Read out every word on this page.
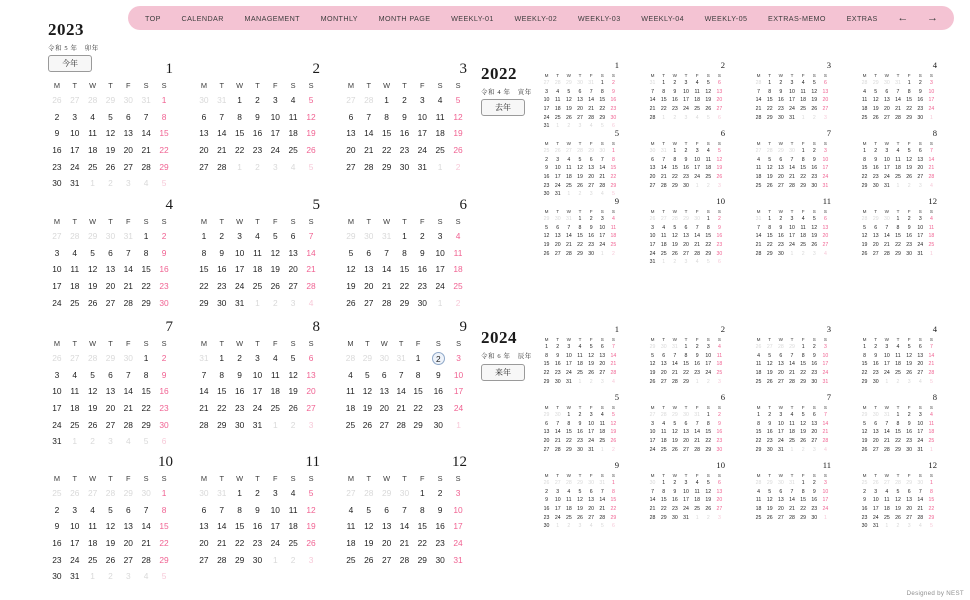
TOP	CALENDAR	MANAGEMENT	MONTHLY	MONTH PAGE	WEEKLY-01	WEEKLY-02	WEEKLY-03	WEEKLY-04	WEEKLY-05	EXTRAS-MEMO	EXTRAS ← →
2023
令和 5 年　卯年
今年
2022
令和 4 年　寅年
去年
2024
令和 6 年　辰年
来年
1
M	T	W	T	F	S	S
26	27	28	29	30	31	1
2	3	4	5	6	7	8
9	10	11	12	13	14	15
16	17	18	19	20	21	22
23	24	25	26	27	28	29
30	31	1	2	3	4	5
2
M	T	W	T	F	S	S
30	31	1	2	3	4	5
6	7	8	9	10	11	12
13	14	15	16	17	18	19
20	21	22	23	24	25	26
27	28	1	2	3	4	5
3
M	T	W	T	F	S	S
27	28	1	2	3	4	5
6	7	8	9	10	11	12
13	14	15	16	17	18	19
20	21	22	23	24	25	26
27	28	29	30	31	1	2
4
M	T	W	T	F	S	S
27	28	29	30	31	1	2
3	4	5	6	7	8	9
10	11	12	13	14	15	16
17	18	19	20	21	22	23
24	25	26	27	28	29	30
5
M	T	W	T	F	S	S
1	2	3	4	5	6	7
8	9	10	11	12	13	14
15	16	17	18	19	20	21
22	23	24	25	26	27	28
29	30	31	1	2	3	4
6
M	T	W	T	F	S	S
29	30	31	1	2	3	4
5	6	7	8	9	10	11
12	13	14	15	16	17	18
19	20	21	22	23	24	25
26	27	28	29	30	1	2
7
M	T	W	T	F	S	S
26	27	28	29	30	1	2
3	4	5	6	7	8	9
10	11	12	13	14	15	16
17	18	19	20	21	22	23
24	25	26	27	28	29	30
31	1	2	3	4	5	6
8
M	T	W	T	F	S	S
31	1	2	3	4	5	6
7	8	9	10	11	12	13
14	15	16	17	18	19	20
21	22	23	24	25	26	27
28	29	30	31	1	2	3
9
M	T	W	T	F	S	S
28	29	30	31	1	2	3
4	5	6	7	8	9	10
11	12	13	14	15	16	17
18	19	20	21	22	23	24
25	26	27	28	29	30	1
10
M	T	W	T	F	S	S
25	26	27	28	29	30	1
2	3	4	5	6	7	8
9	10	11	12	13	14	15
16	17	18	19	20	21	22
23	24	25	26	27	28	29
30	31	1	2	3	4	5
11
M	T	W	T	F	S	S
30	31	1	2	3	4	5
6	7	8	9	10	11	12
13	14	15	16	17	18	19
20	21	22	23	24	25	26
27	28	29	30	1	2	3
12
M	T	W	T	F	S	S
27	28	29	30	1	2	3
4	5	6	7	8	9	10
11	12	13	14	15	16	17
18	19	20	21	22	23	24
25	26	27	28	29	30	31
1
M	T	W	T	F	S	S
27	28	29	30	31	1	2
3	4	5	6	7	8	9
10	11	12	13	14	15	16
17	18	19	20	21	22	23
24	25	26	27	28	29	30
31	1	2	3	4	5	6
2
M	T	W	T	F	S	S
31	1	2	3	4	5	6
7	8	9	10	11	12	13
14	15	16	17	18	19	20
21	22	23	24	25	26	27
28	1	2	3	4	5	6
3
M	T	W	T	F	S	S
28	1	2	3	4	5	6
7	8	9	10	11	12	13
14	15	16	17	18	19	20
21	22	23	24	25	26	27
28	29	30	31	1	2	3
4
M	T	W	T	F	S	S
28	29	30	31	1	2	3
4	5	6	7	8	9	10
11	12	13	14	15	16	17
18	19	20	21	22	23	24
25	26	27	28	29	30	1
5
M	T	W	T	F	S	S
25	26	27	28	29	30	1
2	3	4	5	6	7	8
9	10	11	12	13	14	15
16	17	18	19	20	21	22
23	24	25	26	27	28	29
30	31	1	2	3	4	5
6
M	T	W	T	F	S	S
30	31	1	2	3	4	5
6	7	8	9	10	11	12
13	14	15	16	17	18	19
20	21	22	23	24	25	26
27	28	29	30	1	2	3
7
M	T	W	T	F	S	S
27	28	29	30	1	2	3
4	5	6	7	8	9	10
11	12	13	14	15	16	17
18	19	20	21	22	23	24
25	26	27	28	29	30	31
8
M	T	W	T	F	S	S
1	2	3	4	5	6	7
8	9	10	11	12	13	14
15	16	17	18	19	20	21
22	23	24	25	26	27	28
29	30	31	1	2	3	4
9
M	T	W	T	F	S	S
29	30	31	1	2	3	4
5	6	7	8	9	10	11
12	13	14	15	16	17	18
19	20	21	22	23	24	25
26	27	28	29	30	1	2
10
M	T	W	T	F	S	S
26	27	28	29	30	1	2
3	4	5	6	7	8	9
10	11	12	13	14	15	16
17	18	19	20	21	22	23
24	25	26	27	28	29	30
31	1	2	3	4	5	6
11
M	T	W	T	F	S	S
31	1	2	3	4	5	6
7	8	9	10	11	12	13
14	15	16	17	18	19	20
21	22	23	24	25	26	27
28	29	30	1	2	3	4
12
M	T	W	T	F	S	S
28	29	30	1	2	3	4
5	6	7	8	9	10	11
12	13	14	15	16	17	18
19	20	21	22	23	24	25
26	27	28	29	30	31	1
1
M	T	W	T	F	S	S
1	2	3	4	5	6	7
8	9	10	11	12	13	14
15	16	17	18	19	20	21
22	23	24	25	26	27	28
29	30	31	1	2	3	4
2
M	T	W	T	F	S	S
29	30	31	1	2	3	4
5	6	7	8	9	10	11
12	13	14	15	16	17	18
19	20	21	22	23	24	25
26	27	28	29	1	2	3
3
M	T	W	T	F	S	S
26	27	28	29	1	2	3
4	5	6	7	8	9	10
11	12	13	14	15	16	17
18	19	20	21	22	23	24
25	26	27	28	29	30	31
4
M	T	W	T	F	S	S
1	2	3	4	5	6	7
8	9	10	11	12	13	14
15	16	17	18	19	20	21
22	23	24	25	26	27	28
29	30	1	2	3	4	5
5
M	T	W	T	F	S	S
29	30	1	2	3	4	5
6	7	8	9	10	11	12
13	14	15	16	17	18	19
20	21	22	23	24	25	26
27	28	29	30	31	1	2
6
M	T	W	T	F	S	S
27	28	29	30	31	1	2
3	4	5	6	7	8	9
10	11	12	13	14	15	16
17	18	19	20	21	22	23
24	25	26	27	28	29	30
7
M	T	W	T	F	S	S
1	2	3	4	5	6	7
8	9	10	11	12	13	14
15	16	17	18	19	20	21
22	23	24	25	26	27	28
29	30	31	1	2	3	4
8
M	T	W	T	F	S	S
29	30	31	1	2	3	4
5	6	7	8	9	10	11
12	13	14	15	16	17	18
19	20	21	22	23	24	25
26	27	28	29	30	31	1
9
M	T	W	T	F	S	S
26	27	28	29	30	31	1
2	3	4	5	6	7	8
9	10	11	12	13	14	15
16	17	18	19	20	21	22
23	24	25	26	27	28	29
30	1	2	3	4	5	6
10
M	T	W	T	F	S	S
30	1	2	3	4	5	6
7	8	9	10	11	12	13
14	15	16	17	18	19	20
21	22	23	24	25	26	27
28	29	30	31	1	2	3
11
M	T	W	T	F	S	S
28	29	30	31	1	2	3
4	5	6	7	8	9	10
11	12	13	14	15	16	17
18	19	20	21	22	23	24
25	26	27	28	29	30	1
12
M	T	W	T	F	S	S
25	26	27	28	29	30	1
2	3	4	5	6	7	8
9	10	11	12	13	14	15
16	17	18	19	20	21	22
23	24	25	26	27	28	29
30	31	1	2	3	4	5
Designed by NEST
